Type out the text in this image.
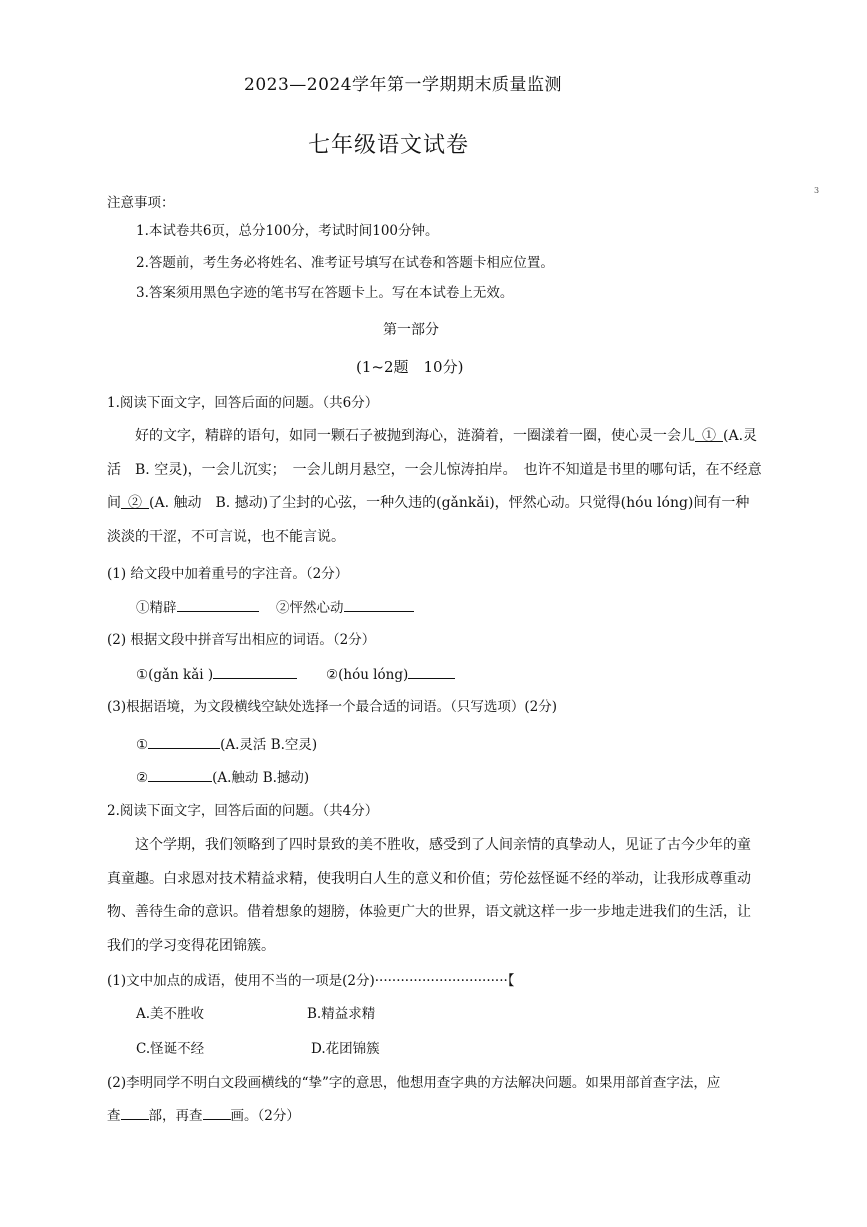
2023—2024学年第一学期期末质量监测
七年级语文试卷
3
注意事项：
1.本试卷共6页，总分100分，考试时间100分钟。
2.答题前，考生务必将姓名、准考证号填写在试卷和答题卡相应位置。
3.答案须用黑色字迹的笔书写在答题卡上。写在本试卷上无效。
第一部分
(1~2题　10分)
1.阅读下面文字，回答后面的问题。（共6分）
好的文字，精辟的语句，如同一颗石子被抛到海心，涟漪着，一圈漾着一圈，使心灵一会儿  ①  (A.灵活　B. 空灵)，一会儿沉实；　一会儿朗月悬空，一会儿惊涛拍岸。　也许不知道是书里的哪句话，在不经意间  ②  (A. 触动　B. 撼动)了尘封的心弦，一种久违的(gǎnkǎi)，怦然心动。只觉得(hóu lóng)间有一种淡淡的干涩，不可言说，也不能言说。
(1) 给文段中加着重号的字注音。（2分）
①精辟	②怦然心动
(2) 根据文段中拼音写出相应的词语。（2分）
①(gǎn kǎi )	②(hóu lóng)
(3)根据语境，为文段横线空缺处选择一个最合适的词语。（只写选项）(2分)
①	(A.灵活 B.空灵)
②	(A.触动 B.撼动)
2.阅读下面文字，回答后面的问题。（共4分）
这个学期，我们领略到了四时景致的美不胜收，感受到了人间亲情的真挚动人，见证了古今少年的童真童趣。白求恩对技术精益求精，使我明白人生的意义和价值；劳伦兹怪诞不经的举动，让我形成尊重动物、善待生命的意识。借着想象的翅膀，体验更广大的世界，语文就这样一步一步地走进我们的生活，让我们的学习变得花团锦簇。
(1)文中加点的成语，使用不当的一项是(2分)·······························【
A.美不胜收	B.精益求精
C.怪诞不经	D.花团锦簇
(2)李明同学不明白文段画横线的“挚”字的意思，他想用查字典的方法解决问题。如果用部首查字法，应
查 部，再查 画。（2分）
